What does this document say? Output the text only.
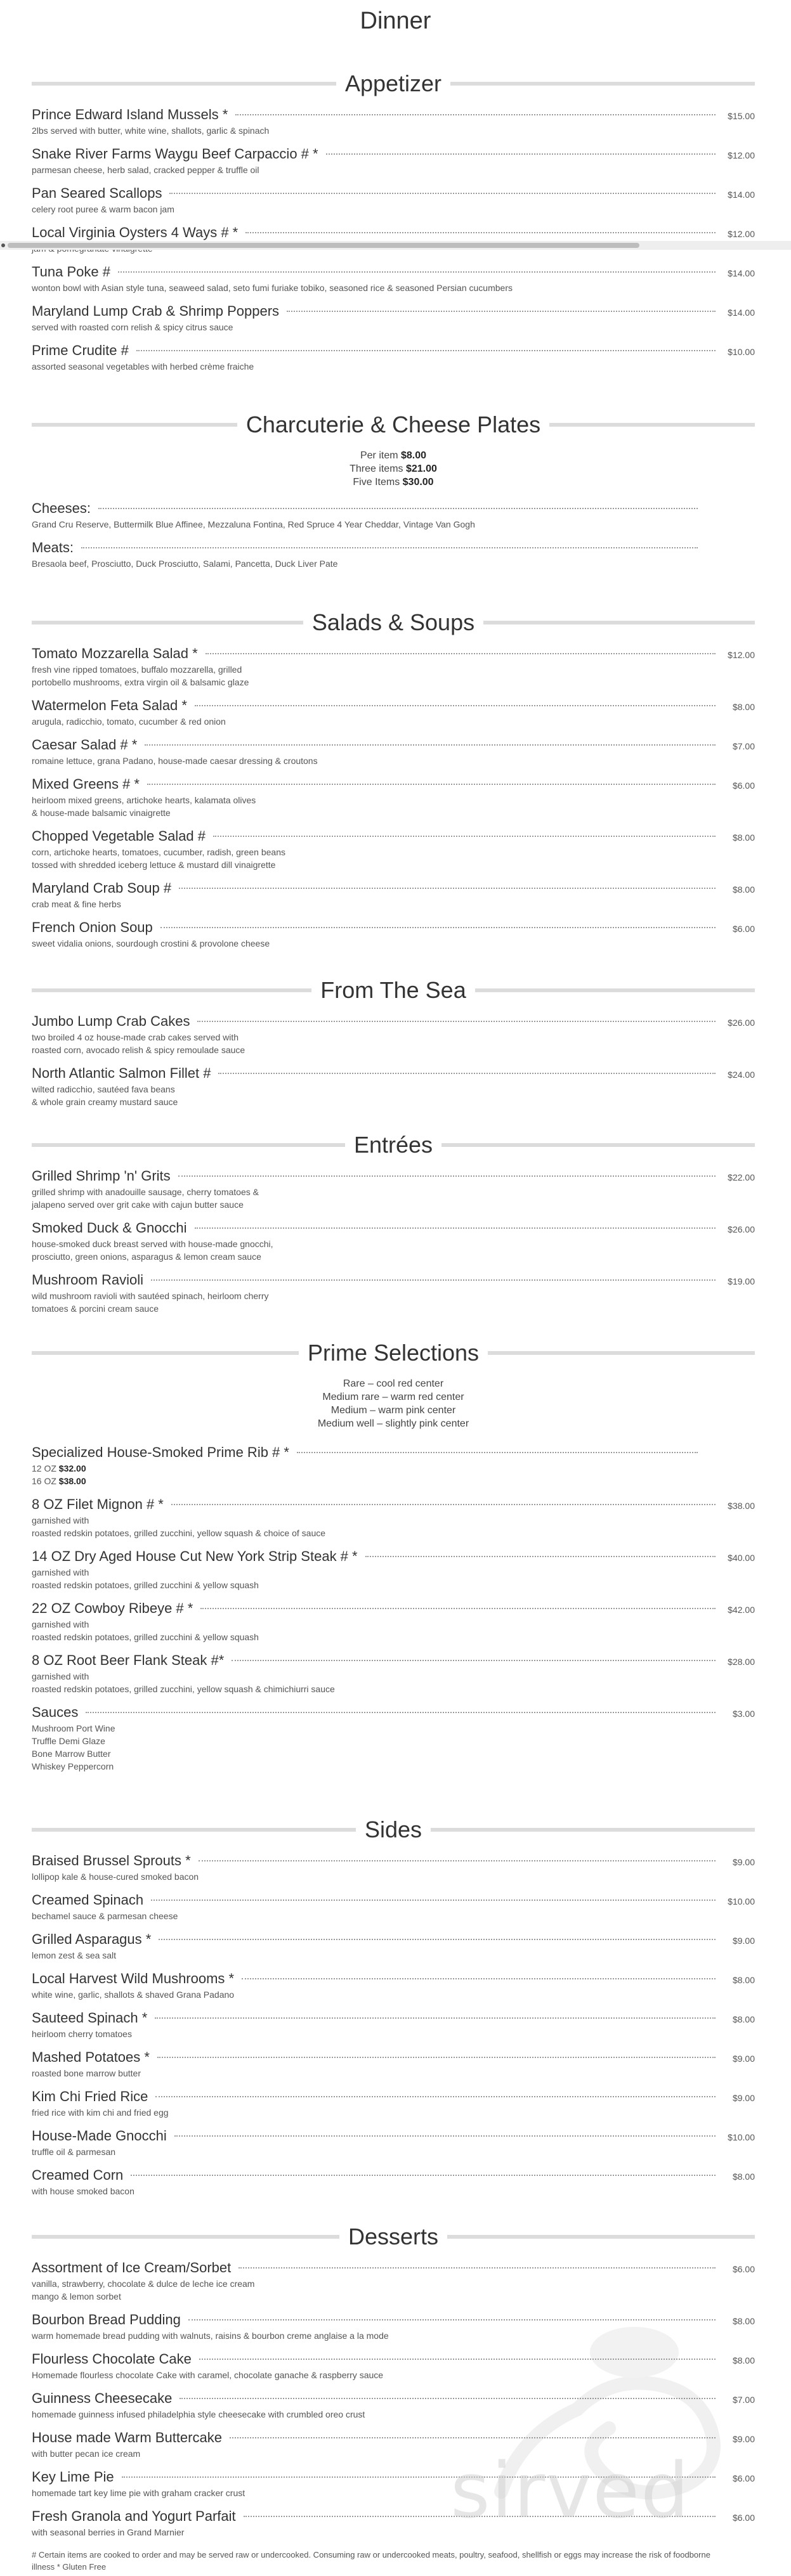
Dinner
Appetizer
Prince Edward Island Mussels *	$15.00
2lbs served with butter, white wine, shallots, garlic & spinach
Snake River Farms Waygu Beef Carpaccio # *	$12.00
parmesan cheese, herb salad, cracked pepper & truffle oil
Pan Seared Scallops	$14.00
celery root puree & warm bacon jam
Local Virginia Oysters 4 Ways # *	$12.00
Tuna Poke #	$14.00
wonton bowl with Asian style tuna, seaweed salad, seto fumi furiake tobiko, seasoned rice & seasoned Persian cucumbers
Maryland Lump Crab & Shrimp Poppers	$14.00
served with roasted corn relish & spicy citrus sauce
Prime Crudite #	$10.00
assorted seasonal vegetables with herbed crème fraiche
Charcuterie & Cheese Plates
Per item $8.00
Three items $21.00
Five Items $30.00
Cheeses:
Grand Cru Reserve, Buttermilk Blue Affinee, Mezzaluna Fontina, Red Spruce 4 Year Cheddar, Vintage Van Gogh
Meats:
Bresaola beef, Prosciutto, Duck Prosciutto, Salami, Pancetta, Duck Liver Pate
Salads & Soups
Tomato Mozzarella Salad *	$12.00
fresh vine ripped tomatoes, buffalo mozzarella, grilled
portobello mushrooms, extra virgin oil & balsamic glaze
Watermelon Feta Salad *	$8.00
arugula, radicchio, tomato, cucumber & red onion
Caesar Salad # *	$7.00
romaine lettuce, grana Padano, house-made caesar dressing & croutons
Mixed Greens # *	$6.00
heirloom mixed greens, artichoke hearts, kalamata olives
& house-made balsamic vinaigrette
Chopped Vegetable Salad #	$8.00
corn, artichoke hearts, tomatoes, cucumber, radish, green beans
tossed with shredded iceberg lettuce & mustard dill vinaigrette
Maryland Crab Soup #	$8.00
crab meat & fine herbs
French Onion Soup	$6.00
sweet vidalia onions, sourdough crostini & provolone cheese
From The Sea
Jumbo Lump Crab Cakes	$26.00
two broiled 4 oz house-made crab cakes served with
roasted corn, avocado relish & spicy remoulade sauce
North Atlantic Salmon Fillet #	$24.00
wilted radicchio, sautéed fava beans
& whole grain creamy mustard sauce
Entrées
Grilled Shrimp 'n' Grits	$22.00
grilled shrimp with anadouille sausage, cherry tomatoes &
jalapeno served over grit cake with cajun butter sauce
Smoked Duck & Gnocchi	$26.00
house-smoked duck breast served with house-made gnocchi,
prosciutto, green onions, asparagus & lemon cream sauce
Mushroom Ravioli	$19.00
wild mushroom ravioli with sautéed spinach, heirloom cherry
tomatoes & porcini cream sauce
Prime Selections
Rare – cool red center
Medium rare – warm red center
Medium – warm pink center
Medium well – slightly pink center
Specialized House-Smoked Prime Rib # *
12 OZ $32.00
16 OZ $38.00
8 OZ Filet Mignon # *	$38.00
garnished with
roasted redskin potatoes, grilled zucchini, yellow squash & choice of sauce
14 OZ Dry Aged House Cut New York Strip Steak # *	$40.00
garnished with
roasted redskin potatoes, grilled zucchini & yellow squash
22 OZ Cowboy Ribeye # *	$42.00
garnished with
roasted redskin potatoes, grilled zucchini & yellow squash
8 OZ Root Beer Flank Steak #*	$28.00
garnished with
roasted redskin potatoes, grilled zucchini, yellow squash & chimichiurri sauce
Sauces	$3.00
Mushroom Port Wine
Truffle Demi Glaze
Bone Marrow Butter
Whiskey Peppercorn
Sides
Braised Brussel Sprouts *	$9.00
lollipop kale & house-cured smoked bacon
Creamed Spinach	$10.00
bechamel sauce & parmesan cheese
Grilled Asparagus *	$9.00
lemon zest & sea salt
Local Harvest Wild Mushrooms *	$8.00
white wine, garlic, shallots & shaved Grana Padano
Sauteed Spinach *	$8.00
heirloom cherry tomatoes
Mashed Potatoes *	$9.00
roasted bone marrow butter
Kim Chi Fried Rice	$9.00
fried rice with kim chi and fried egg
House-Made Gnocchi	$10.00
truffle oil & parmesan
Creamed Corn	$8.00
with house smoked bacon
Desserts
Assortment of Ice Cream/Sorbet	$6.00
vanilla, strawberry, chocolate & dulce de leche ice cream
mango & lemon sorbet
Bourbon Bread Pudding	$8.00
warm homemade bread pudding with walnuts, raisins & bourbon creme anglaise a la mode
Flourless Chocolate Cake	$8.00
Homemade flourless chocolate Cake with caramel, chocolate ganache & raspberry sauce
Guinness Cheesecake	$7.00
homemade guinness infused philadelphia style cheesecake with crumbled oreo crust
House made Warm Buttercake	$9.00
with butter pecan ice cream
Key Lime Pie	$6.00
homemade tart key lime pie with graham cracker crust
Fresh Granola and Yogurt Parfait	$6.00
with seasonal berries in Grand Marnier	sirved
# Certain items are cooked to order and may be served raw or undercooked. Consuming raw or undercooked meats, poultry, seafood, shellfish or eggs may increase the risk of foodborne illness * Gluten Free
